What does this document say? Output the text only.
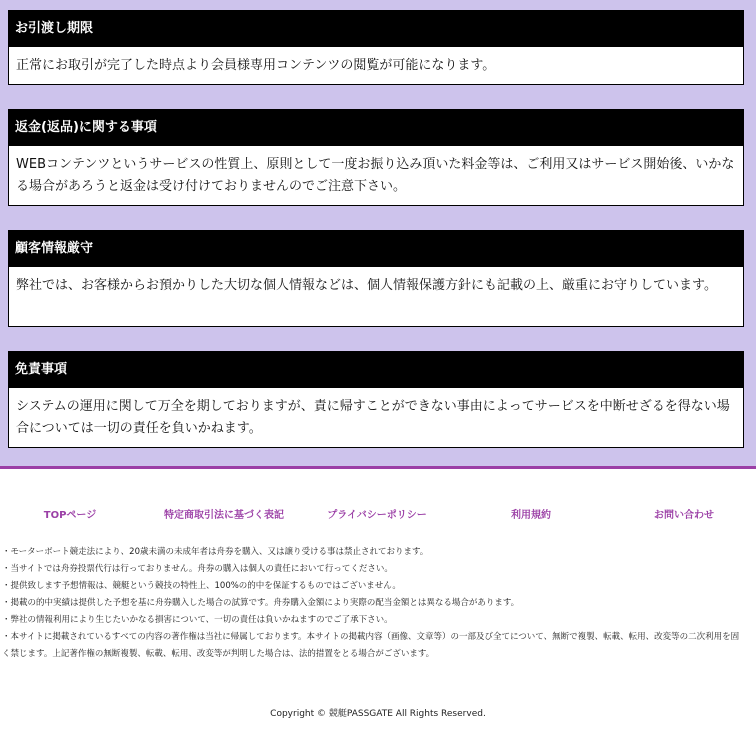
お引渡し期限
正常にお取引が完了した時点より会員様専用コンテンツの閲覧が可能になります。
返金(返品)に関する事項
WEBコンテンツというサービスの性質上、原則として一度お振り込み頂いた料金等は、ご利用又はサービス開始後、いかなる場合があろうと返金は受け付けておりませんのでご注意下さい。
顧客情報厳守
弊社では、お客様からお預かりした大切な個人情報などは、個人情報保護方針にも記載の上、厳重にお守りしています。
免責事項
システムの運用に関して万全を期しておりますが、責に帰すことができない事由によってサービスを中断せざるを得ない場合については一切の責任を負いかねます。
TOPページ	特定商取引法に基づく表記	プライバシーポリシー	利用規約	お問い合わせ
・モーターボート競走法により、20歳未満の未成年者は舟券を購入、又は譲り受ける事は禁止されております。
・当サイトでは舟券投票代行は行っておりません。舟券の購入は個人の責任において行ってください。
・提供致します予想情報は、競艇という競技の特性上、100%の的中を保証するものではございません。
・掲載の的中実績は提供した予想を基に舟券購入した場合の試算です。舟券購入金額により実際の配当金額とは異なる場合があります。
・弊社の情報利用により生じたいかなる損害について、一切の責任は負いかねますのでご了承下さい。
・本サイトに掲載されているすべての内容の著作権は当社に帰属しております。本サイトの掲載内容（画像、文章等）の一部及び全てについて、無断で複製、転載、転用、改変等の二次利用を固く禁じます。上記著作権の無断複製、転載、転用、改変等が判明した場合は、法的措置をとる場合がございます。
Copyright © 競艇PASSGATE All Rights Reserved.
